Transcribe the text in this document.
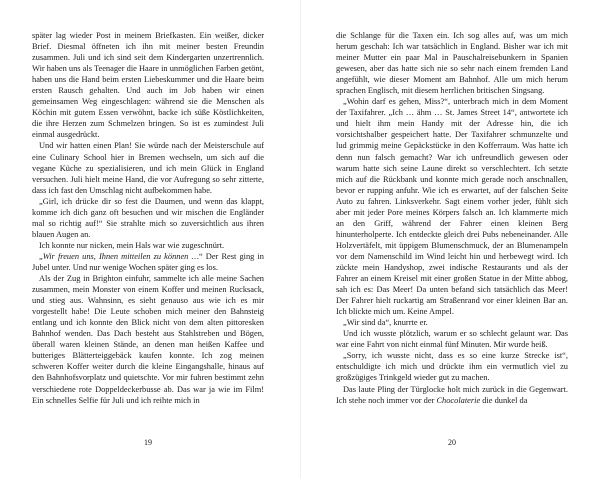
später lag wieder Post in meinem Briefkasten. Ein weißer, dicker Brief. Diesmal öffneten ich ihn mit meiner besten Freundin zusammen. Juli und ich sind seit dem Kindergarten unzertrennlich. Wir haben uns als Teenager die Haare in unmöglichen Farben getönt, haben uns die Hand beim ersten Liebeskummer und die Haare beim ersten Rausch gehalten. Und auch im Job haben wir einen gemeinsamen Weg eingeschlagen: während sie die Menschen als Köchin mit gutem Essen verwöhnt, backe ich süße Köstlichkeiten, die ihre Herzen zum Schmelzen bringen. So ist es zumindest Juli einmal ausgedrückt.

Und wir hatten einen Plan! Sie würde nach der Meisterschule auf eine Culinary School hier in Bremen wechseln, um sich auf die vegane Küche zu spezialisieren, und ich mein Glück in England versuchen. Juli hielt meine Hand, die vor Aufregung so sehr zitterte, dass ich fast den Umschlag nicht aufbekommen habe.

„Girl, ich drücke dir so fest die Daumen, und wenn das klappt, komme ich dich ganz oft besuchen und wir mischen die Engländer mal so richtig auf!“ Sie strahlte mich so zuversichtlich aus ihren blauen Augen an.

Ich konnte nur nicken, mein Hals war wie zugeschnürt.

„Wir freuen uns, Ihnen mitteilen zu können …“ Der Rest ging in Jubel unter. Und nur wenige Wochen später ging es los.

Als der Zug in Brighton einfuhr, sammelte ich alle meine Sachen zusammen, mein Monster von einem Koffer und meinen Rucksack, und stieg aus. Wahnsinn, es sieht genauso aus wie ich es mir vorgestellt habe! Die Leute schoben mich meiner den Bahnsteig entlang und ich konnte den Blick nicht von dem alten pittoresken Bahnhof wenden. Das Dach besteht aus Stahlstreben und Bögen, überall waren kleinen Stände, an denen man heißen Kaffee und butteriges Blätterteiggebäck kaufen konnte. Ich zog meinen schweren Koffer weiter durch die kleine Eingangshalle, hinaus auf den Bahnhofsvorplatz und quietschte. Vor mir fuhren bestimmt zehn verschiedene rote Doppeldeckerbusse ab. Das war ja wie im Film! Ein schnelles Selfie für Juli und ich reihte mich in

19

die Schlange für die Taxen ein. Ich sog alles auf, was um mich herum geschah: Ich war tatsächlich in England. Bisher war ich mit meiner Mutter ein paar Mal in Pauschalreisebunkern in Spanien gewesen, aber das hatte sich nie so sehr nach einem fremden Land angefühlt, wie dieser Moment am Bahnhof. Alle um mich herum sprachen Englisch, mit diesem herrlichen britischen Singsang.

„Wohin darf es gehen, Miss?“, unterbrach mich in dem Moment der Taxifahrer. „Ich … ähm … St. James Street 14“, antwortete ich und hielt ihm mein Handy mit der Adresse hin, die ich vorsichtshalber gespeichert hatte. Der Taxifahrer schmunzelte und lud grimmig meine Gepäckstücke in den Kofferraum. Was hatte ich denn nun falsch gemacht? War ich unfreundlich gewesen oder warum hatte sich seine Laune direkt so verschlechtert. Ich setzte mich auf die Rückbank und konnte mich gerade noch anschnallen, bevor er rupping anfuhr. Wie ich es erwartet, auf der falschen Seite Auto zu fahren. Linksverkehr. Sagt einem vorher jeder, fühlt sich aber mit jeder Pore meines Körpers falsch an. Ich klammerte mich an den Griff, während der Fahrer einen kleinen Berg hinunterholperte. Ich entdeckte gleich drei Pubs nebeneinander. Alle Holzvertäfelt, mit üppigem Blumenschmuck, der an Blumenampeln vor dem Namenschild im Wind leicht hin und herbewegt wird. Ich zückte mein Handyshop, zwei indische Restaurants und als der Fahrer an einem Kreisel mit einer großen Statue in der Mitte abbog, sah ich es: Das Meer! Da unten befand sich tatsächlich das Meer! Der Fahrer hielt ruckartig am Straßenrand vor einer kleinen Bar an. Ich blickte mich um. Keine Ampel.

„Wir sind da“, knurrte er.

Und ich wusste plötzlich, warum er so schlecht gelaunt war. Das war eine Fahrt von nicht einmal fünf Minuten. Mir wurde heiß.

„Sorry, ich wusste nicht, dass es so eine kurze Strecke ist“, entschuldigte ich mich und drückte ihm ein vermutlich viel zu großzügiges Trinkgeld wieder gut zu machen.

Das laute Pling der Türglocke holt mich zurück in die Gegenwart. Ich stehe noch immer vor der Chocolaterie die dunkel da

20
